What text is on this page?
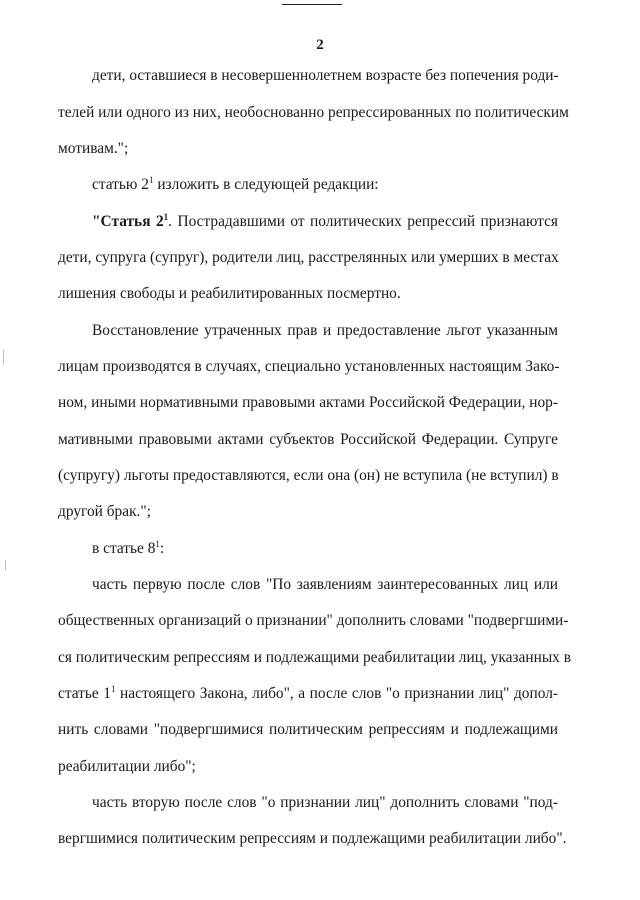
2
дети, оставшиеся в несовершеннолетнем возрасте без попечения роди-
телей или одного из них, необоснованно репрессированных по политическим
мотивам.";
статью $2^1$ изложить в следующей редакции:
"Статья $2^1$. Пострадавшими от политических репрессий признаются
дети, супруга (супруг), родители лиц, расстрелянных или умерших в местах
лишения свободы и реабилитированных посмертно.
Восстановление утраченных прав и предоставление льгот указанным
лицам производятся в случаях, специально установленных настоящим Зако-
ном, иными нормативными правовыми актами Российской Федерации, нор-
мативными правовыми актами субъектов Российской Федерации. Супруге
(супругу) льготы предоставляются, если она (он) не вступила (не вступил) в
другой брак.";
в статье $8^1$:
часть первую после слов "По заявлениям заинтересованных лиц или
общественных организаций о признании" дополнить словами "подвергшими-
ся политическим репрессиям и подлежащими реабилитации лиц, указанных в
статье $1^1$ настоящего Закона, либо", а после слов "о признании лиц" допол-
нить словами "подвергшимися политическим репрессиям и подлежащими
реабилитации либо";
часть вторую после слов "о признании лиц" дополнить словами "под-
вергшимися политическим репрессиям и подлежащими реабилитации либо".
